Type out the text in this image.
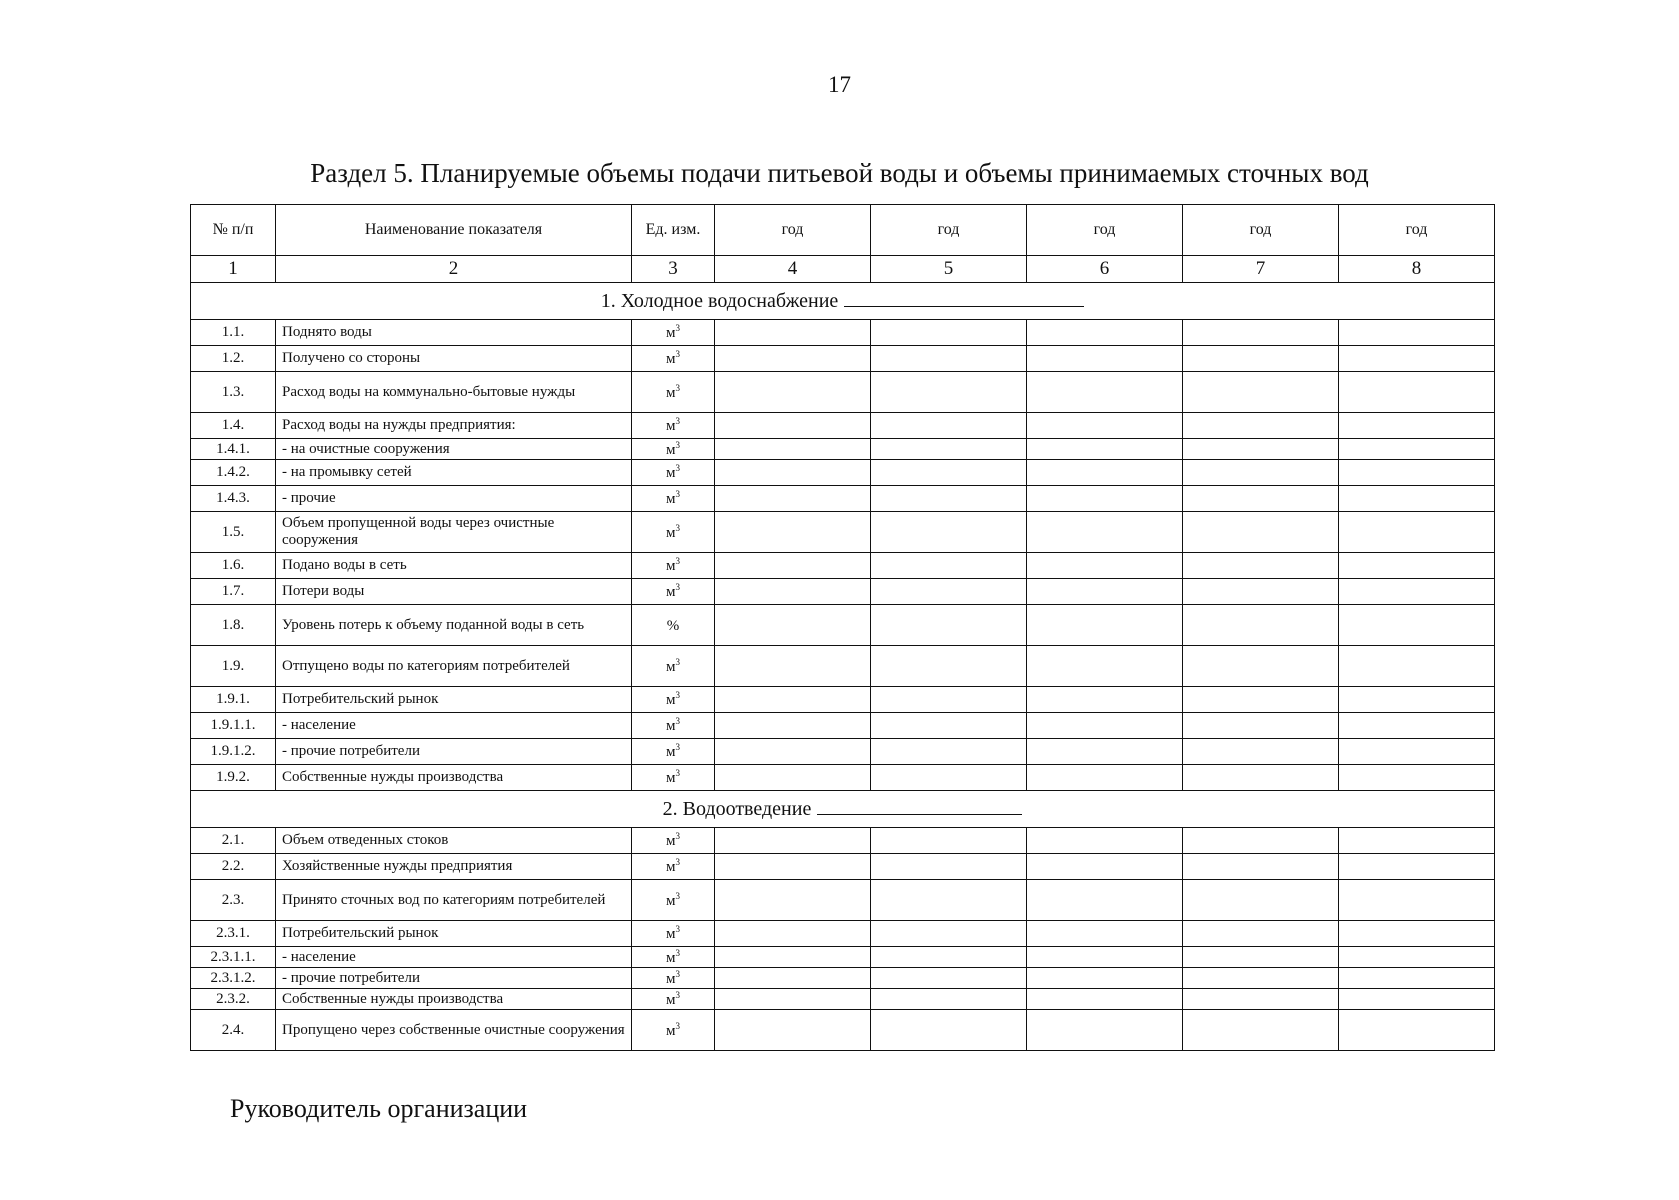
17
Раздел 5. Планируемые объемы подачи питьевой воды и объемы принимаемых сточных вод
№ п/п	Наименование показателя	Ед. изм.	год	год	год	год	год
1	2	3	4	5	6	7	8
1. Холодное водоснабжение							
1.1.	Поднято воды	$м^3$					
1.2.	Получено со стороны	$м^3$					
1.3.	Расход воды на коммунально-бытовые нужды	$м^3$					
1.4.	Расход воды на нужды предприятия:	$м^3$					
1.4.1.	- на очистные сооружения	$м^3$					
1.4.2.	- на промывку сетей	$м^3$					
1.4.3.	- прочие	$м^3$					
1.5.	Объем пропущенной воды через очистные сооружения	$м^3$					
1.6.	Подано воды в сеть	$м^3$					
1.7.	Потери воды	$м^3$					
1.8.	Уровень потерь к объему поданной воды в сеть	%					
1.9.	Отпущено воды по категориям потребителей	$м^3$					
1.9.1.	Потребительский рынок	$м^3$					
1.9.1.1.	- население	$м^3$					
1.9.1.2.	- прочие потребители	$м^3$					
1.9.2.	Собственные нужды производства	$м^3$					
2. Водоотведение							
2.1.	Объем отведенных стоков	$м^3$					
2.2.	Хозяйственные нужды предприятия	$м^3$					
2.3.	Принято сточных вод по категориям потребителей	$м^3$					
2.3.1.	Потребительский рынок	$м^3$					
2.3.1.1.	- население	$м^3$					
2.3.1.2.	- прочие потребители	$м^3$					
2.3.2.	Собственные нужды производства	$м^3$					
2.4.	Пропущено через собственные очистные сооружения	$м^3$					
Руководитель организации
